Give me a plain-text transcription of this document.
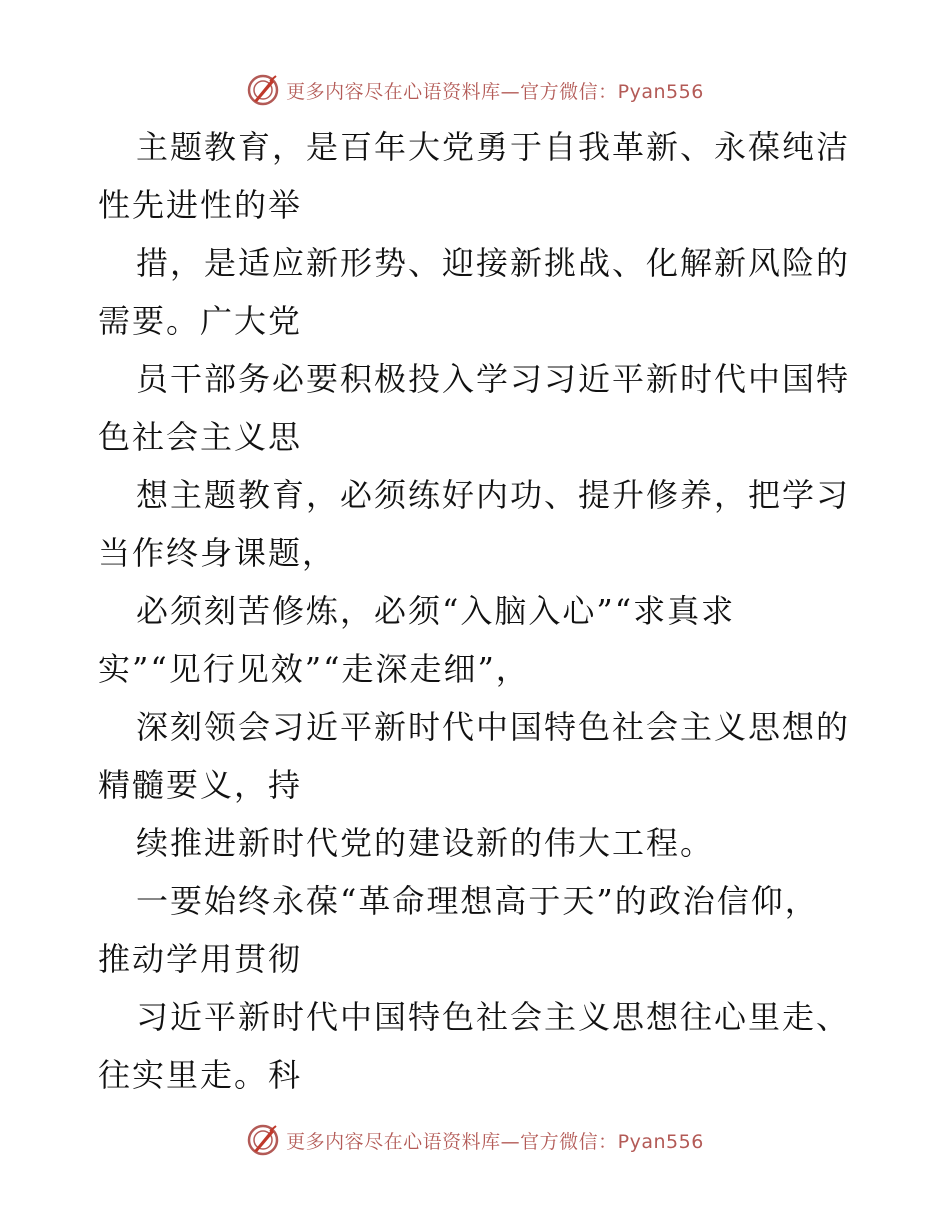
更多内容尽在心语资料库—官方微信：Pyan556
主题教育，是百年大党勇于自我革新、永葆纯洁
性先进性的举
措，是适应新形势、迎接新挑战、化解新风险的
需要。广大党
员干部务必要积极投入学习习近平新时代中国特
色社会主义思
想主题教育，必须练好内功、提升修养，把学习
当作终身课题，
必须刻苦修炼，必须“入脑入心”“求真求
实”“见行见效”“走深走细”，
深刻领会习近平新时代中国特色社会主义思想的
精髓要义，持
续推进新时代党的建设新的伟大工程。
一要始终永葆“革命理想高于天”的政治信仰，
推动学用贯彻
习近平新时代中国特色社会主义思想往心里走、
往实里走。科
更多内容尽在心语资料库—官方微信：Pyan556
